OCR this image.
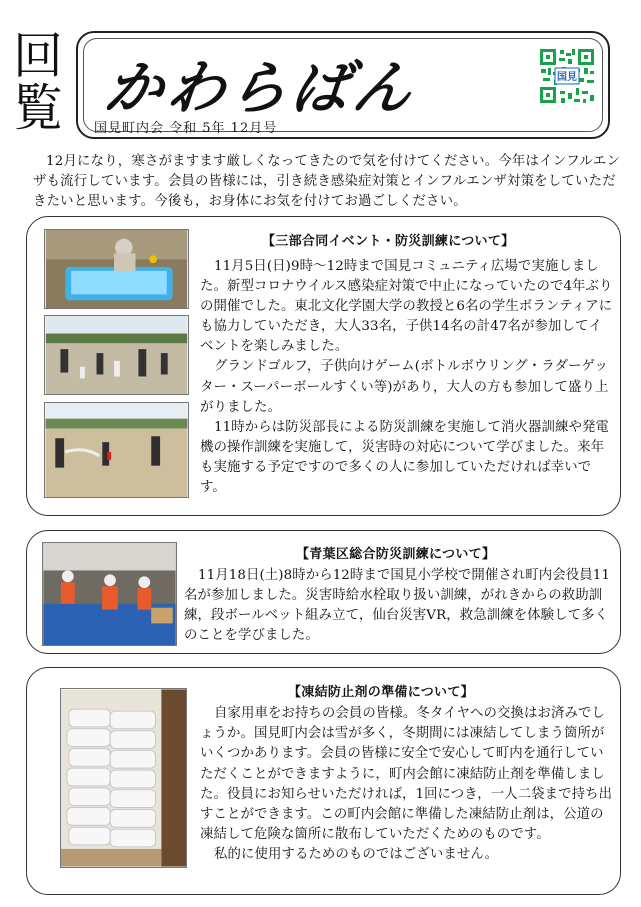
回
覧 かわらばん
国見町内会 令和 5年 12月号
国見
12月になり，寒さがますます厳しくなってきたので気を付けてください。今年はインフルエンザも流行しています。会員の皆様には，引き続き感染症対策とインフルエンザ対策をしていただきたいと思います。今後も，お身体にお気を付けてお過ごしください。
【三部合同イベント・防災訓練について】

11月5日(日)9時～12時まで国見コミュニティ広場で実施しました。新型コロナウイルス感染症対策で中止になっていたので4年ぶりの開催でした。東北文化学園大学の教授と6名の学生ボランティアにも協力していただき，大人33名，子供14名の計47名が参加してイベントを楽しみました。

グランドゴルフ，子供向けゲーム(ボトルボウリング・ラダーゲッター・スーパーボールすくい等)があり，大人の方も参加して盛り上がりました。

11時からは防災部長による防災訓練を実施して消火器訓練や発電機の操作訓練を実施して，災害時の対応について学びました。来年も実施する予定ですので多くの人に参加していただければ幸いです。

【青葉区総合防災訓練について】

11月18日(土)8時から12時まで国見小学校で開催され町内会役員11名が参加しました。災害時給水栓取り扱い訓練，がれきからの救助訓練，段ボールベット組み立て，仙台災害VR，救急訓練を体験して多くのことを学びました。

【凍結防止剤の準備について】

自家用車をお持ちの会員の皆様。冬タイヤへの交換はお済みでしょうか。国見町内会は雪が多く，冬期間には凍結してしまう箇所がいくつかあります。会員の皆様に安全で安心して町内を通行していただくことができますように，町内会館に凍結防止剤を準備しました。役員にお知らせいただければ，1回につき，一人二袋まで持ち出すことができます。この町内会館に準備した凍結防止剤は，公道の凍結して危険な箇所に散布していただくためのものです。

私的に使用するためのものではございません。
